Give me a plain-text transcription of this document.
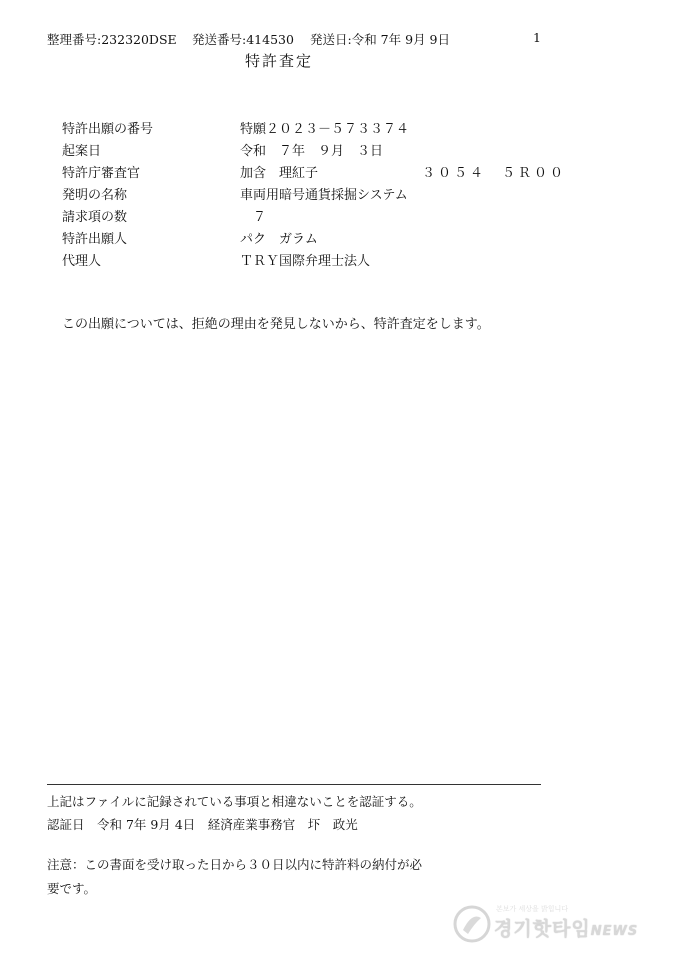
整理番号:232320DSE 発送番号:414530 発送日:令和 7年 9月 9日	1
特許査定
特許出願の番号	特願２０２３－５７３３７４
起案日	令和　７年　９月　３日
特許庁審査官	加含　理紅子	３０５４　５Ｒ００
発明の名称	車両用暗号通貨採掘システム
請求項の数	　７
特許出願人	パク　ガラム
代理人	ＴＲＹ国際弁理士法人
この出願については、拒絶の理由を発見しないから、特許査定をします。
上記はファイルに記録されている事項と相違ないことを認証する。
認証日　令和 7年 9月 4日　経済産業事務官　圷　政光
注意：この書面を受け取った日から３０日以内に特許料の納付が必
要です。
본보가 세상을 밝힙니다
경기핫타임NEWS
